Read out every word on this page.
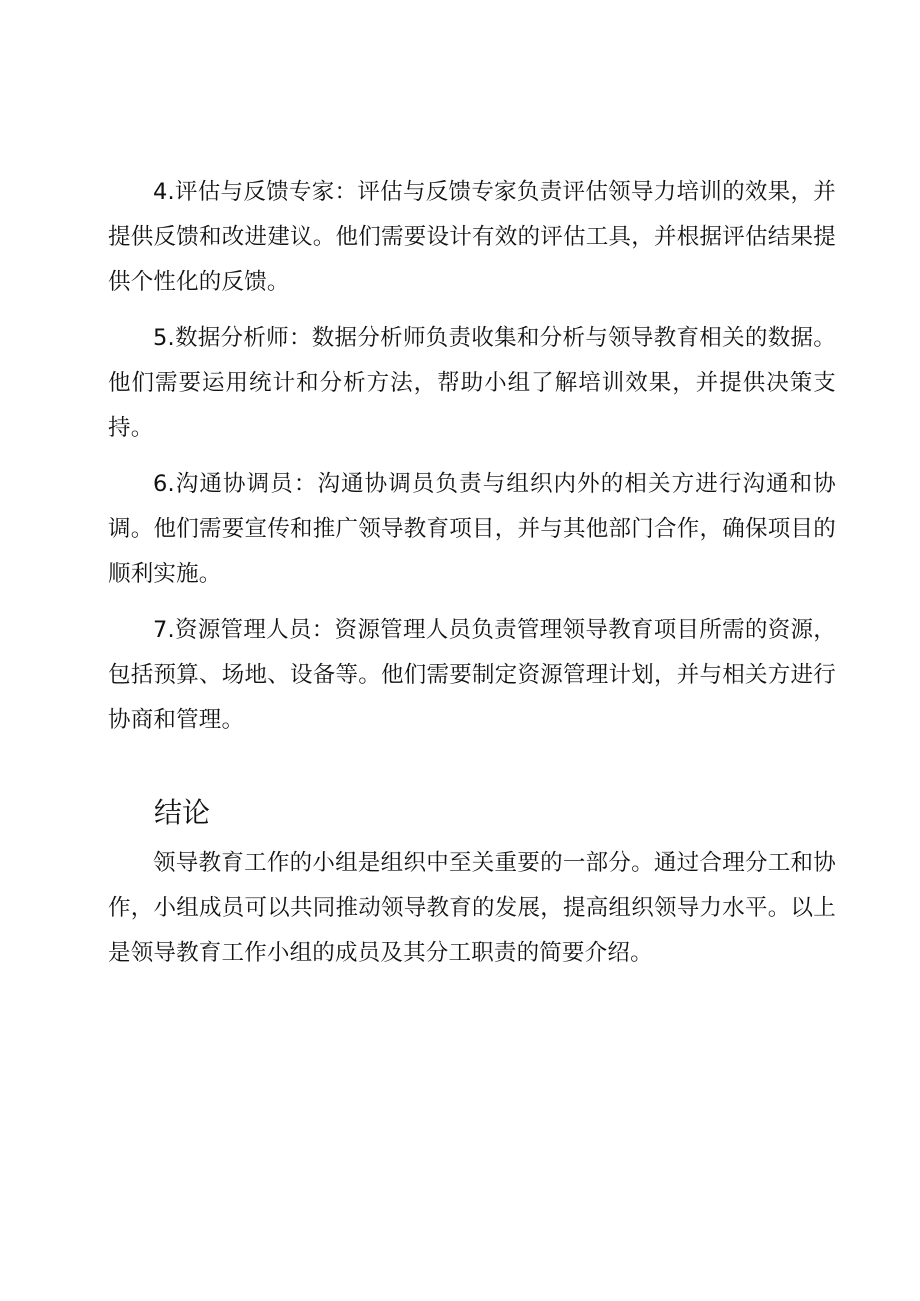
4.评估与反馈专家：评估与反馈专家负责评估领导力培训的效果，并提供反馈和改进建议。他们需要设计有效的评估工具，并根据评估结果提供个性化的反馈。

5.数据分析师：数据分析师负责收集和分析与领导教育相关的数据。他们需要运用统计和分析方法，帮助小组了解培训效果，并提供决策支持。

6.沟通协调员：沟通协调员负责与组织内外的相关方进行沟通和协调。他们需要宣传和推广领导教育项目，并与其他部门合作，确保项目的顺利实施。

7.资源管理人员：资源管理人员负责管理领导教育项目所需的资源，包括预算、场地、设备等。他们需要制定资源管理计划，并与相关方进行协商和管理。

结论

领导教育工作的小组是组织中至关重要的一部分。通过合理分工和协作，小组成员可以共同推动领导教育的发展，提高组织领导力水平。以上是领导教育工作小组的成员及其分工职责的简要介绍。
